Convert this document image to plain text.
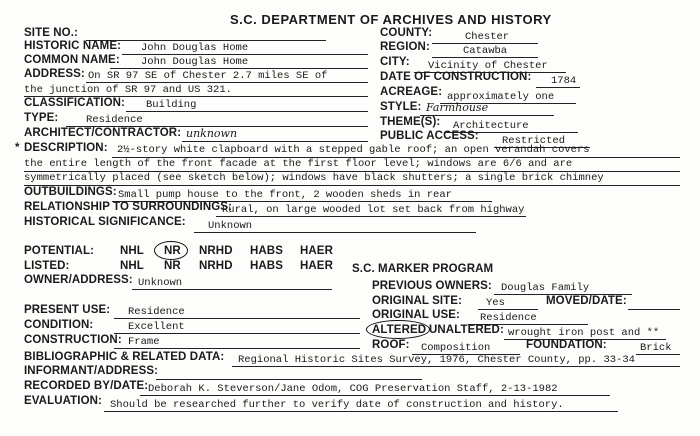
S.C. DEPARTMENT OF ARCHIVES AND HISTORY
SITE NO.:
HISTORIC NAME: John Douglas Home
COMMON NAME: John Douglas Home
ADDRESS: On SR 97 SE of Chester 2.7 miles SE of
the junction of SR 97 and US 321.
CLASSIFICATION: Building
TYPE:	Residence
ARCHITECT/CONTRACTOR: unknown
COUNTY:	Chester
REGION:	Catawba
CITY: Vicinity of Chester
DATE OF CONSTRUCTION: 1784
ACREAGE: approximately one
STYLE: Farmhouse
THEME(S): Architecture
PUBLIC ACCESS: Restricted
* DESCRIPTION: 2½-story white clapboard with a stepped gable roof; an open verandah covers
the entire length of the front facade at the first floor level; windows are 6/6 and are
symmetrically placed (see sketch below); windows have black shutters; a single brick chimney
OUTBUILDINGS: Small pump house to the front, 2 wooden sheds in rear
RELATIONSHIP TO SURROUNDINGS:
Rural, on large wooded lot set back from highway
HISTORICAL SIGNIFICANCE: Unknown
POTENTIAL: NHL NR NRHD HABS HAER
LISTED:	NHL NR NRHD HABS HAER S.C. MARKER PROGRAM
OWNER/ADDRESS: Unknown	PREVIOUS OWNERS: Douglas Family
ORIGINAL SITE: Yes	MOVED/DATE:
PRESENT USE: Residence	ORIGINAL USE: Residence
CONDITION:	Excellent	ALTERED UNALTERED: wrought iron post and **
CONSTRUCTION: Frame	ROOF: Composition	FOUNDATION:	Brick
BIBLIOGRAPHIC & RELATED DATA: Regional Historic Sites Survey, 1976, Chester County, pp. 33-34
INFORMANT/ADDRESS:
RECORDED BY/DATE: Deborah K. Steverson/Jane Odom, COG Preservation Staff, 2-13-1982
EVALUATION: Should be researched further to verify date of construction and history.
